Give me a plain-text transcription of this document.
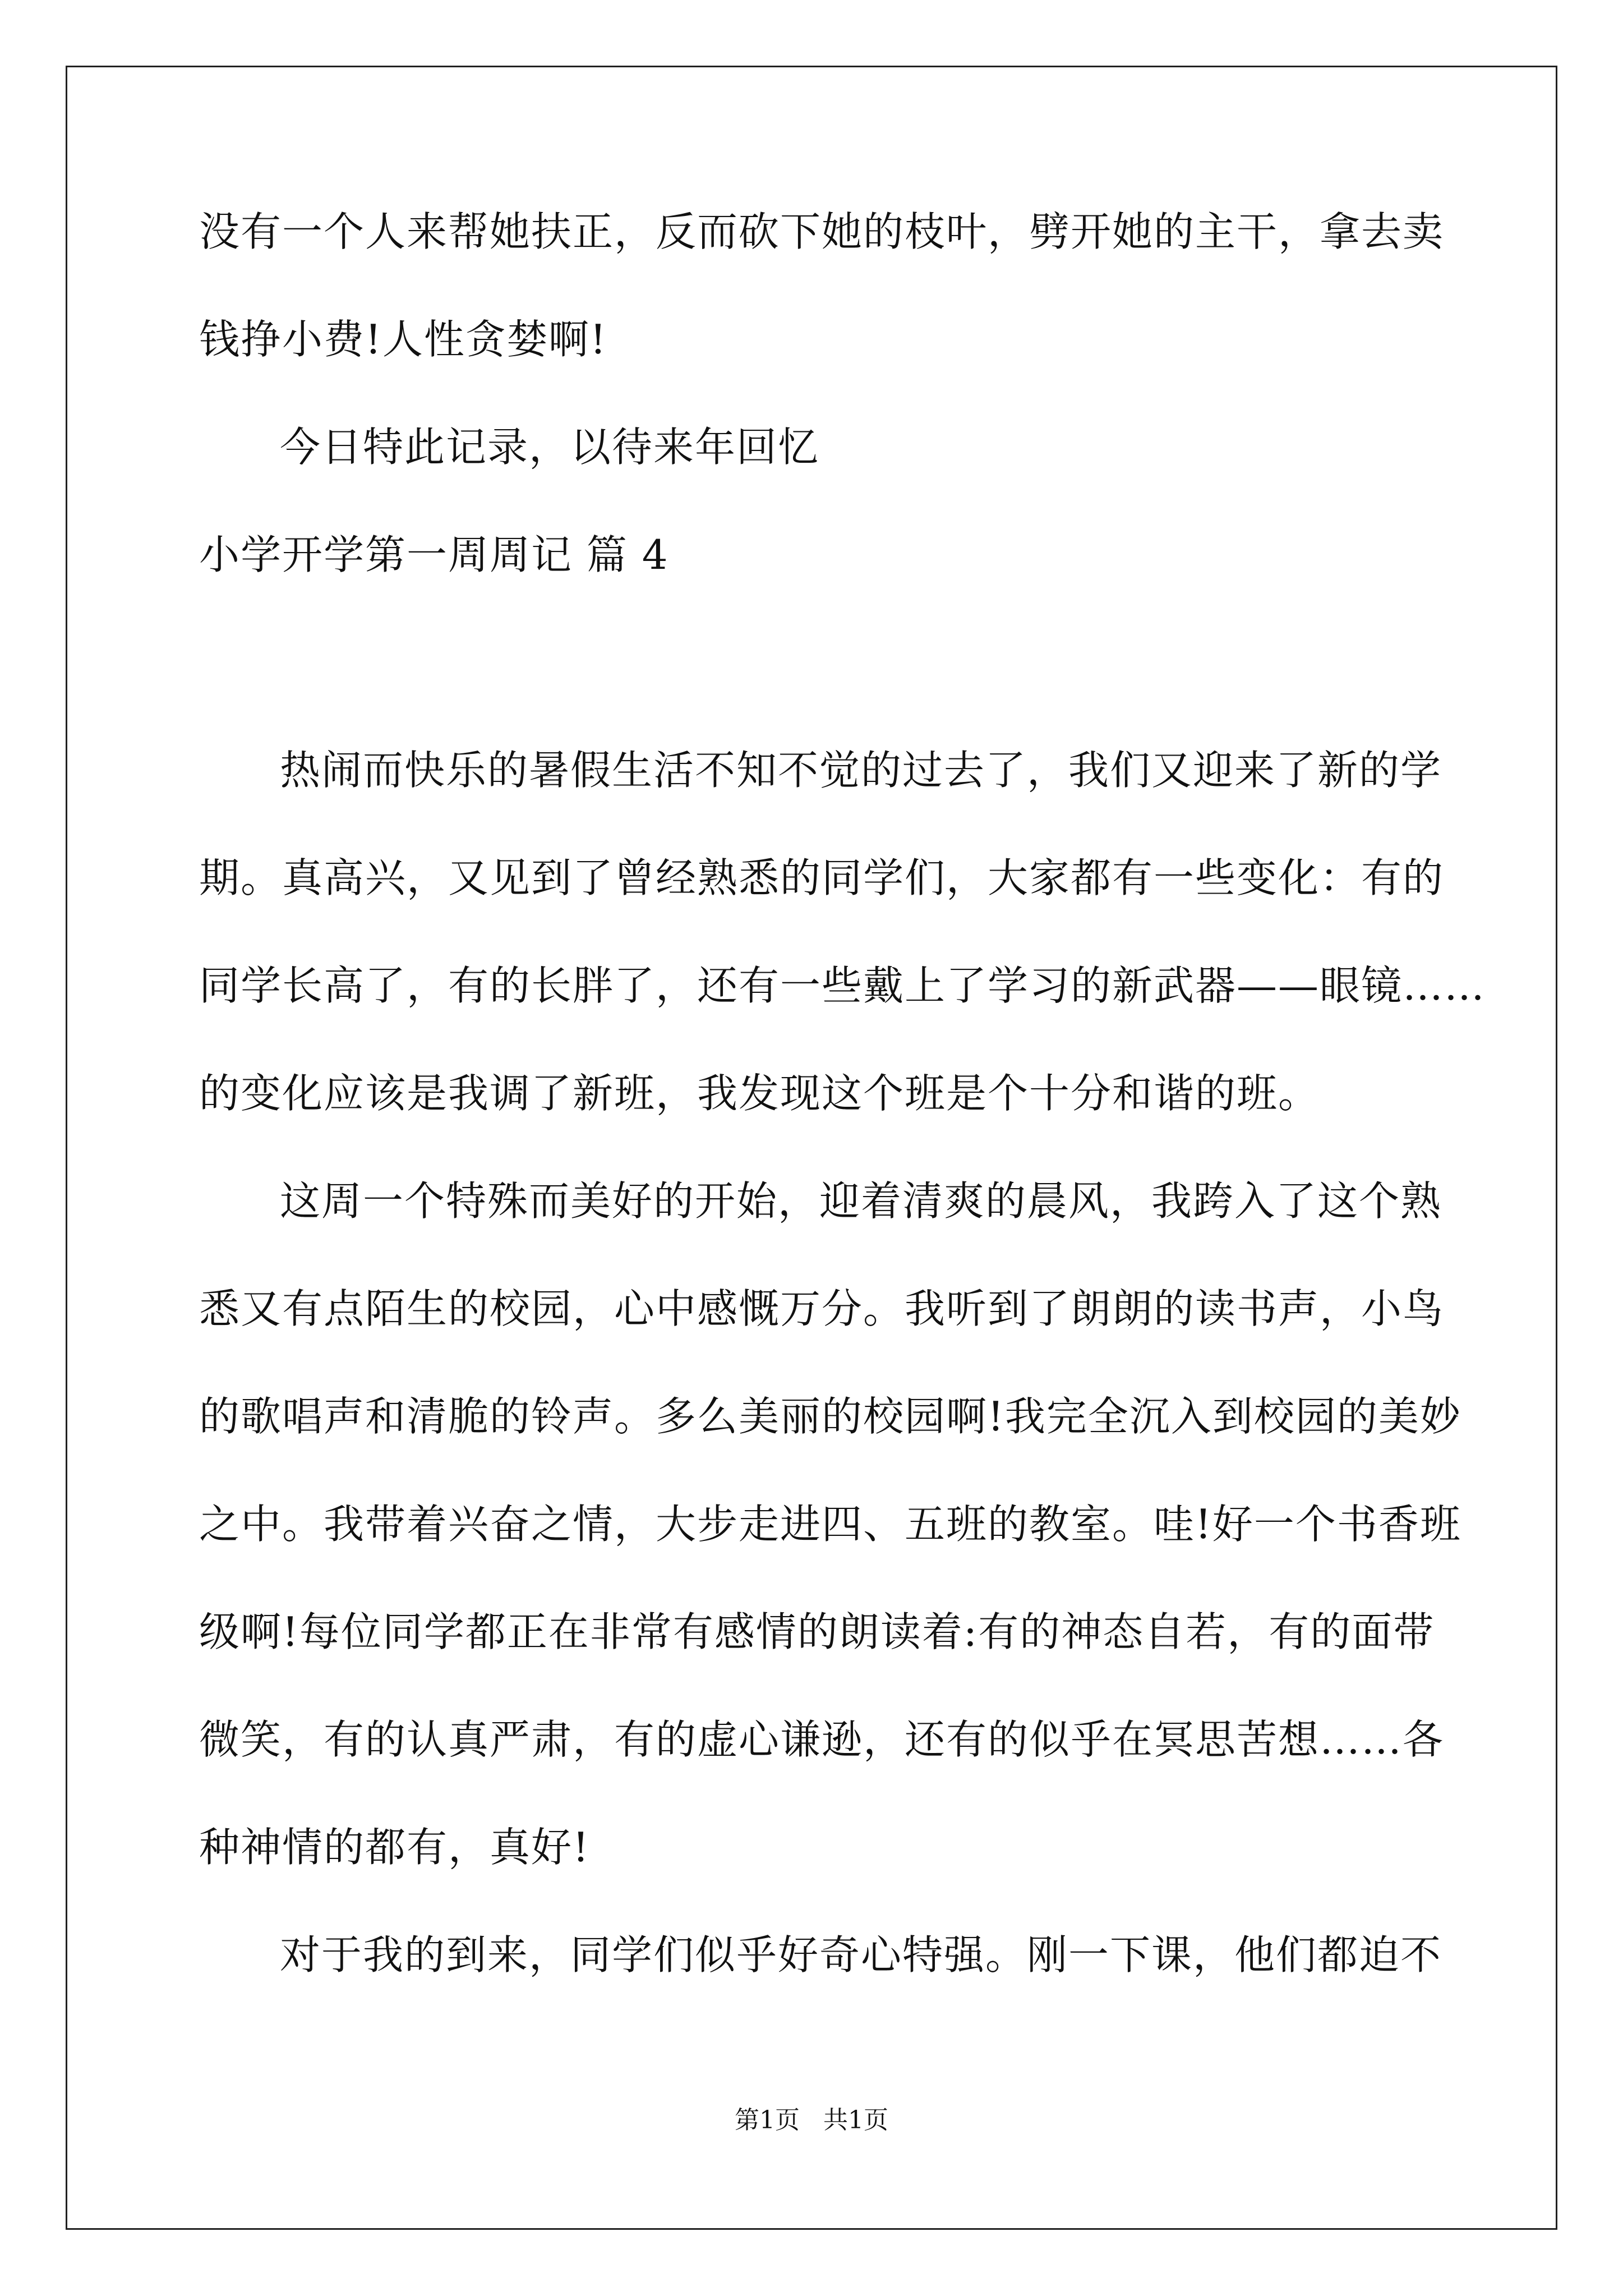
没有一个人来帮她扶正，反而砍下她的枝叶，劈开她的主干，拿去卖
钱挣小费!人性贪婪啊!
今日特此记录，以待来年回忆
小学开学第一周周记 篇 4
热闹而快乐的暑假生活不知不觉的过去了，我们又迎来了新的学
期。真高兴，又见到了曾经熟悉的同学们，大家都有一些变化：有的
同学长高了，有的长胖了，还有一些戴上了学习的新武器——眼镜……
的变化应该是我调了新班，我发现这个班是个十分和谐的班。
这周一个特殊而美好的开始，迎着清爽的晨风，我跨入了这个熟
悉又有点陌生的校园，心中感慨万分。我听到了朗朗的读书声，小鸟
的歌唱声和清脆的铃声。多么美丽的校园啊!我完全沉入到校园的美妙
之中。我带着兴奋之情，大步走进四、五班的教室。哇!好一个书香班
级啊!每位同学都正在非常有感情的朗读着:有的神态自若，有的面带
微笑，有的认真严肃，有的虚心谦逊，还有的似乎在冥思苦想……各
种神情的都有，真好!
对于我的到来，同学们似乎好奇心特强。刚一下课，他们都迫不
第1页 共1页
